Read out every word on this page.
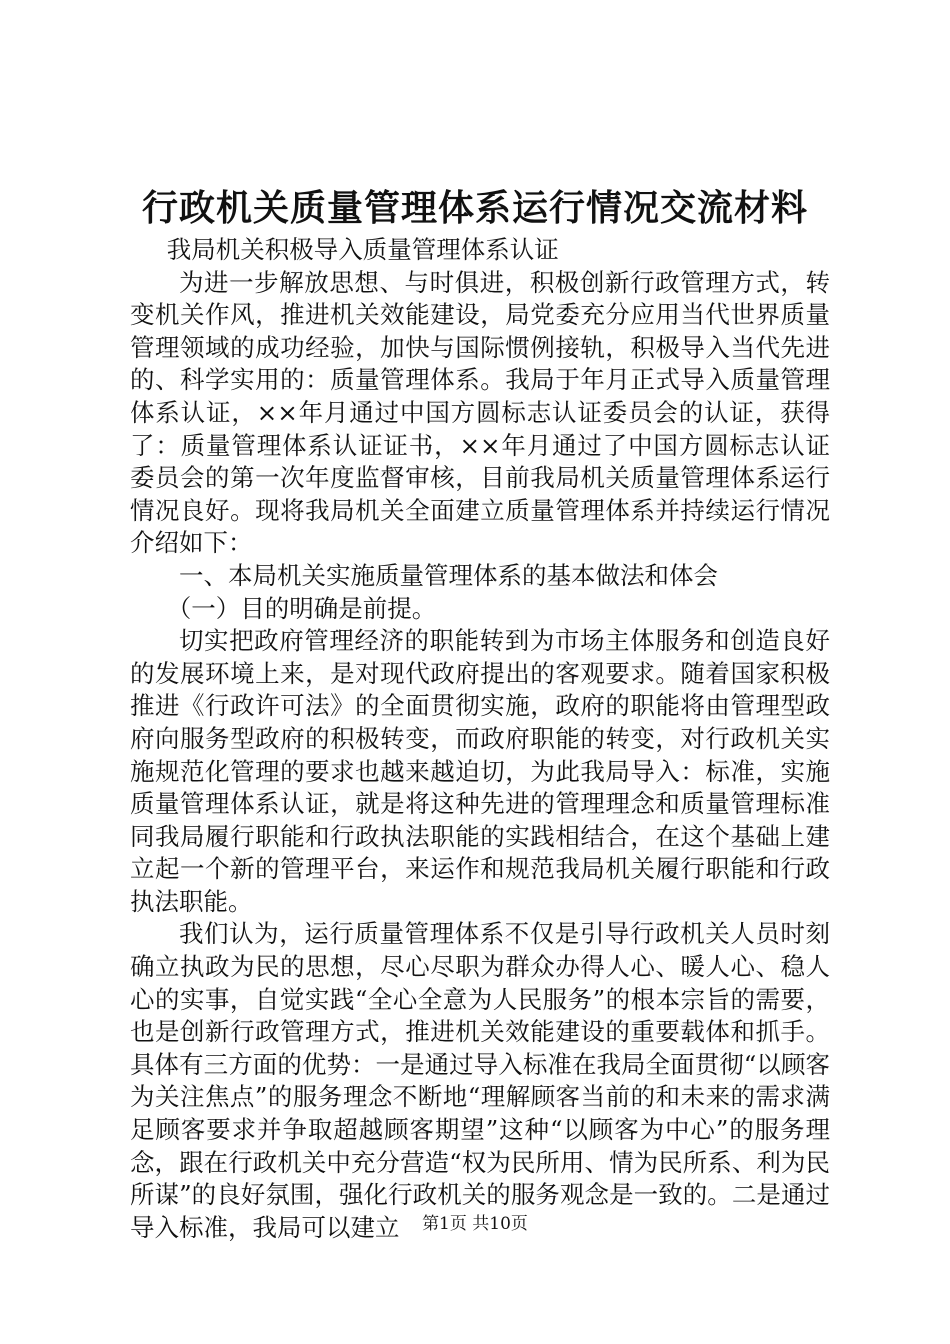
行政机关质量管理体系运行情况交流材料

我局机关积极导入质量管理体系认证

为进一步解放思想、与时俱进，积极创新行政管理方式，转变机关作风，推进机关效能建设，局党委充分应用当代世界质量管理领域的成功经验，加快与国际惯例接轨，积极导入当代先进的、科学实用的：质量管理体系。我局于年月正式导入质量管理体系认证，××年月通过中国方圆标志认证委员会的认证，获得了：质量管理体系认证证书，××年月通过了中国方圆标志认证委员会的第一次年度监督审核，目前我局机关质量管理体系运行情况良好。现将我局机关全面建立质量管理体系并持续运行情况介绍如下：

一、本局机关实施质量管理体系的基本做法和体会

（一）目的明确是前提。

切实把政府管理经济的职能转到为市场主体服务和创造良好的发展环境上来，是对现代政府提出的客观要求。随着国家积极推进《行政许可法》的全面贯彻实施，政府的职能将由管理型政府向服务型政府的积极转变，而政府职能的转变，对行政机关实施规范化管理的要求也越来越迫切，为此我局导入：标准，实施质量管理体系认证，就是将这种先进的管理理念和质量管理标准同我局履行职能和行政执法职能的实践相结合，在这个基础上建立起一个新的管理平台，来运作和规范我局机关履行职能和行政执法职能。

我们认为，运行质量管理体系不仅是引导行政机关人员时刻确立执政为民的思想，尽心尽职为群众办得人心、暖人心、稳人心的实事，自觉实践“全心全意为人民服务”的根本宗旨的需要，也是创新行政管理方式，推进机关效能建设的重要载体和抓手。具体有三方面的优势：一是通过导入标准在我局全面贯彻“以顾客为关注焦点”的服务理念不断地“理解顾客当前的和未来的需求满足顾客要求并争取超越顾客期望”这种“以顾客为中心”的服务理念，跟在行政机关中充分营造“权为民所用、情为民所系、利为民所谋”的良好氛围，强化行政机关的服务观念是一致的。二是通过导入标准，我局可以建立	第1页 共10页
